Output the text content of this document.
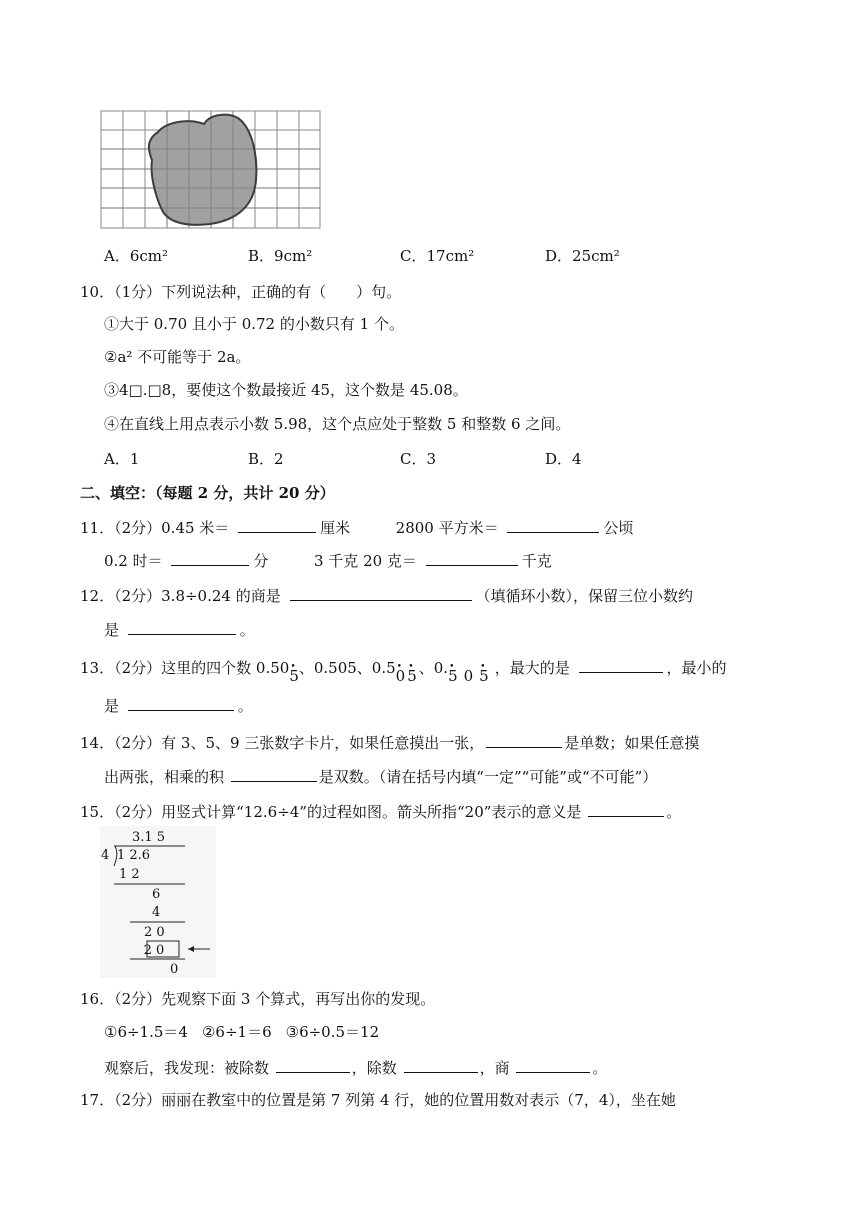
A．6cm²	B．9cm²	C．17cm²	D．25cm²
10．（1分）下列说法种，正确的有（　　）句。
①大于 0.70 且小于 0.72 的小数只有 1 个。
②a² 不可能等于 2a。
③4□.□8，要使这个数最接近 45，这个数是 45.08。
④在直线上用点表示小数 5.98，这个点应处于整数 5 和整数 6 之间。
A．1	B．2	C．3	D．4
二、填空：（每题 2 分，共计 20 分）
11．（2分）0.45 米＝	厘米	2800 平方米＝	公顷
0.2 时＝	分	3 千克 20 克＝	千克
12．（2分）3.8÷0.24 的商是	（填循环小数），保留三位小数约
是	。
13．（2分）这里的四个数 0.50• 5、0.505、0.5• 0• 5、0.• 50• 5，最大的是	，最小的
是	。
14．（2分）有 3、5、9 三张数字卡片，如果任意摸出一张，	是单数；如果任意摸
出两张，相乘的积	是双数。（请在括号内填“一定”“可能”或“不可能”）
15．（2分）用竖式计算“12.6÷4”的过程如图。箭头所指“20”表示的意义是	。
3.1 5
4 1 2.6
1 2
6
4
2 0
2 0
0
16．（2分）先观察下面 3 个算式，再写出你的发现。
①6÷1.5＝4 ②6÷1＝6 ③6÷0.5＝12
观察后，我发现：被除数	，除数	，商	。
17．（2分）丽丽在教室中的位置是第 7 列第 4 行，她的位置用数对表示（7，4），坐在她
